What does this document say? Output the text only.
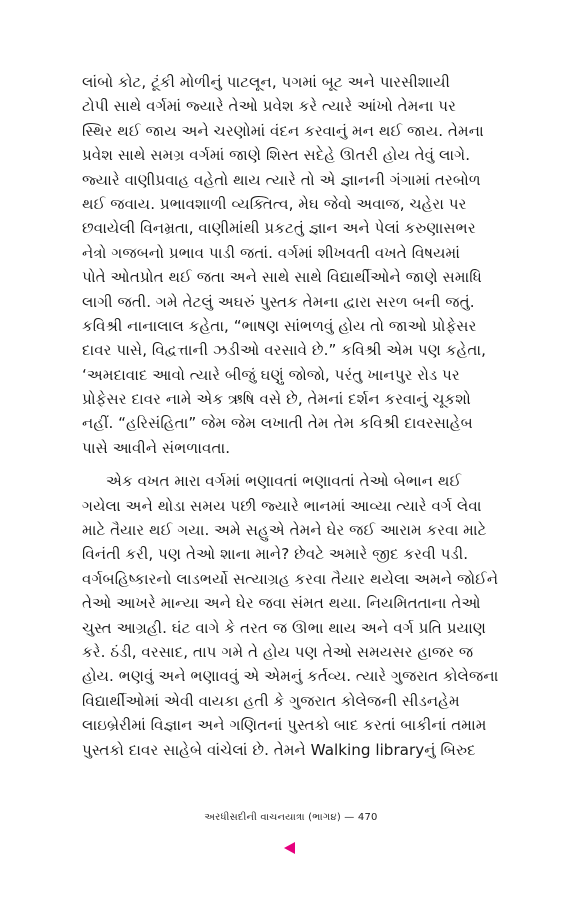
લાંબો કોટ, ટૂંકી મોળીનું પાટલૂન, પગમાં બૂટ અને પારસીશાયી
ટોપી સાથે વર્ગમાં જ્યારે તેઓ પ્રવેશ કરે ત્યારે આંખો તેમના પર
સ્થિર થઈ જાય અને ચરણોમાં વંદન કરવાનું મન થઈ જાય. તેમના
પ્રવેશ સાથે સમગ્ર વર્ગમાં જાણે શિસ્ત સદેહે ઊતરી હોય તેવું લાગે.
જ્યારે વાણીપ્રવાહ વહેતો થાય ત્યારે તો એ જ્ઞાનની ગંગામાં તરબોળ
થઈ જવાય. પ્રભાવશાળી વ્યક્તિત્વ, મેઘ જેવો અવાજ, ચહેરા પર
છવાયેલી વિનમ્રતા, વાણીમાંથી પ્રકટતું જ્ઞાન અને પેલાં કરુણાસભર
નેત્રો ગજબનો પ્રભાવ પાડી જતાં. વર્ગમાં શીખવતી વખતે વિષયમાં
પોતે ઓતપ્રોત થઈ જતા અને સાથે સાથે વિદ્યાર્થીઓને જાણે સમાધિ
લાગી જતી. ગમે તેટલું અઘરું પુસ્તક તેમના દ્વારા સરળ બની જતું.
કવિશ્રી નાનાલાલ કહેતા, “ભાષણ સાંભળવું હોય તો જાઓ પ્રોફેસર
દાવર પાસે, વિદ્વત્તાની ઝડીઓ વરસાવે છે.” કવિશ્રી એમ પણ કહેતા,
‘અમદાવાદ આવો ત્યારે બીજું ઘણું જોજો, પરંતુ ખાનપુર રોડ પર
પ્રોફેસર દાવર નામે એક ઋષિ વસે છે, તેમનાં દર્શન કરવાનું ચૂકશો
નહીં. “હરિસંહિતા” જેમ જેમ લખાતી તેમ તેમ કવિશ્રી દાવરસાહેબ
પાસે આવીને સંભળાવતા.
એક વખત મારા વર્ગમાં ભણાવતાં ભણાવતાં તેઓ બેભાન થઈ
ગયેલા અને થોડા સમય પછી જ્યારે ભાનમાં આવ્યા ત્યારે વર્ગ લેવા
માટે તૈયાર થઈ ગયા. અમે સહુએ તેમને ઘેર જઈ આરામ કરવા માટે
વિનંતી કરી, પણ તેઓ શાના માને? છેવટે અમારે જીદ કરવી પડી.
વર્ગબહિષ્કારનો લાડભર્યો સત્યાગ્રહ કરવા તૈયાર થયેલા અમને જોઈને
તેઓ આખરે માન્યા અને ઘેર જવા સંમત થયા. નિયમિતતાના તેઓ
ચુસ્ત આગ્રહી. ઘંટ વાગે કે તરત જ ઊભા થાય અને વર્ગ પ્રતિ પ્રયાણ
કરે. ઠંડી, વરસાદ, તાપ ગમે તે હોય પણ તેઓ સમયસર હાજર જ
હોય. ભણવું અને ભણાવવું એ એમનું કર્તવ્ય. ત્યારે ગુજરાત કોલેજના
વિદ્યાર્થીઓમાં એવી વાયકા હતી કે ગુજરાત કોલેજની સીડનહેમ
લાઇબ્રેરીમાં વિજ્ઞાન અને ગણિતનાં પુસ્તકો બાદ કરતાં બાકીનાં તમામ
પુસ્તકો દાવર સાહેબે વાંચેલાં છે. તેમને Walking libraryનું બિરુદ
અરધીસદીની વાચનયાત્રા (ભાગ૪) — 470
